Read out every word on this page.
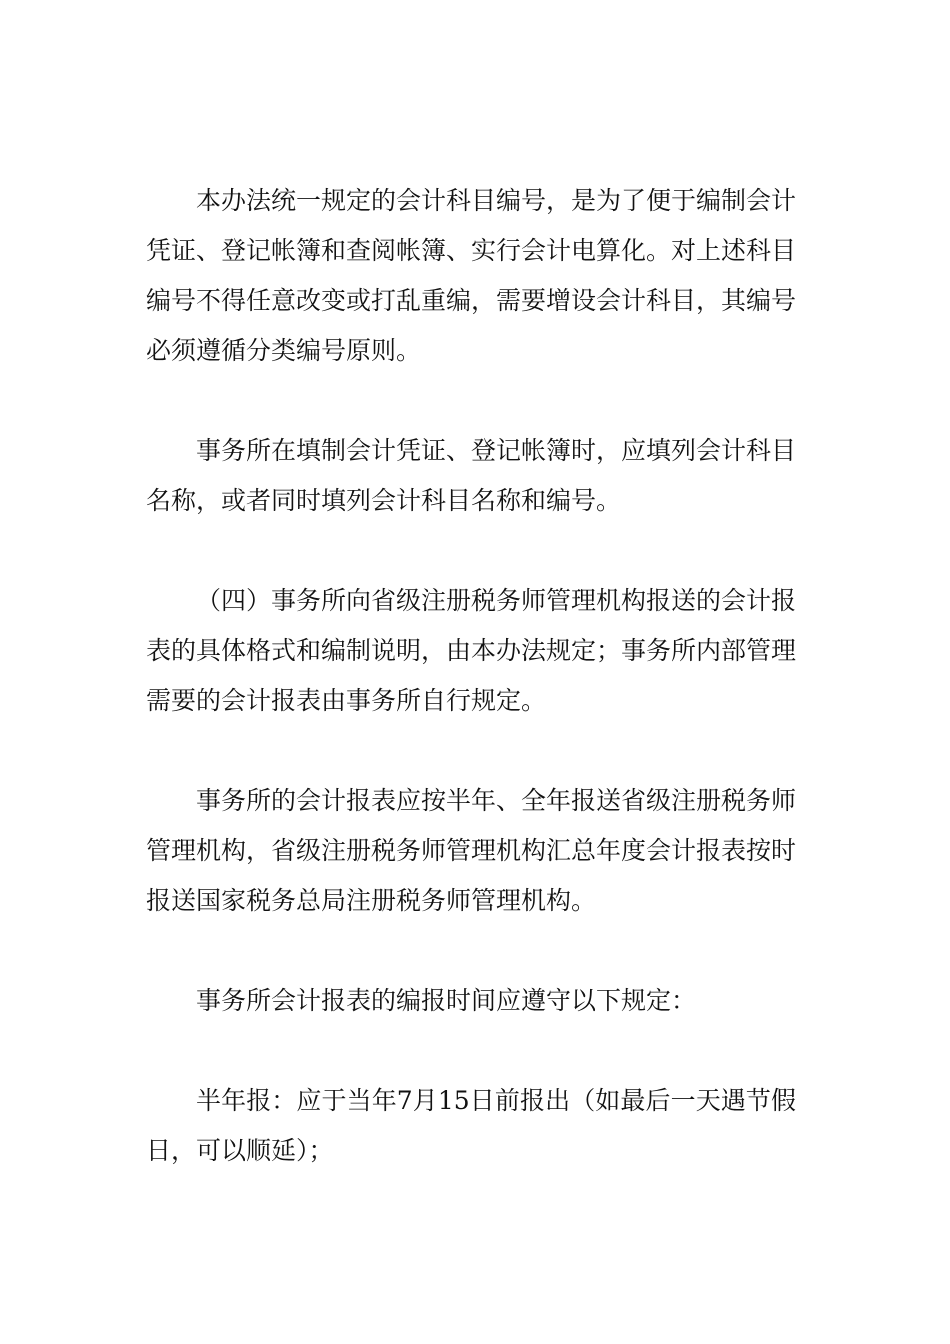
本办法统一规定的会计科目编号，是为了便于编制会计凭证、登记帐簿和查阅帐簿、实行会计电算化。对上述科目编号不得任意改变或打乱重编，需要增设会计科目，其编号必须遵循分类编号原则。

事务所在填制会计凭证、登记帐簿时，应填列会计科目名称，或者同时填列会计科目名称和编号。

（四）事务所向省级注册税务师管理机构报送的会计报表的具体格式和编制说明，由本办法规定；事务所内部管理需要的会计报表由事务所自行规定。

事务所的会计报表应按半年、全年报送省级注册税务师管理机构，省级注册税务师管理机构汇总年度会计报表按时报送国家税务总局注册税务师管理机构。

事务所会计报表的编报时间应遵守以下规定：

半年报：应于当年7月15日前报出（如最后一天遇节假日，可以顺延）；
